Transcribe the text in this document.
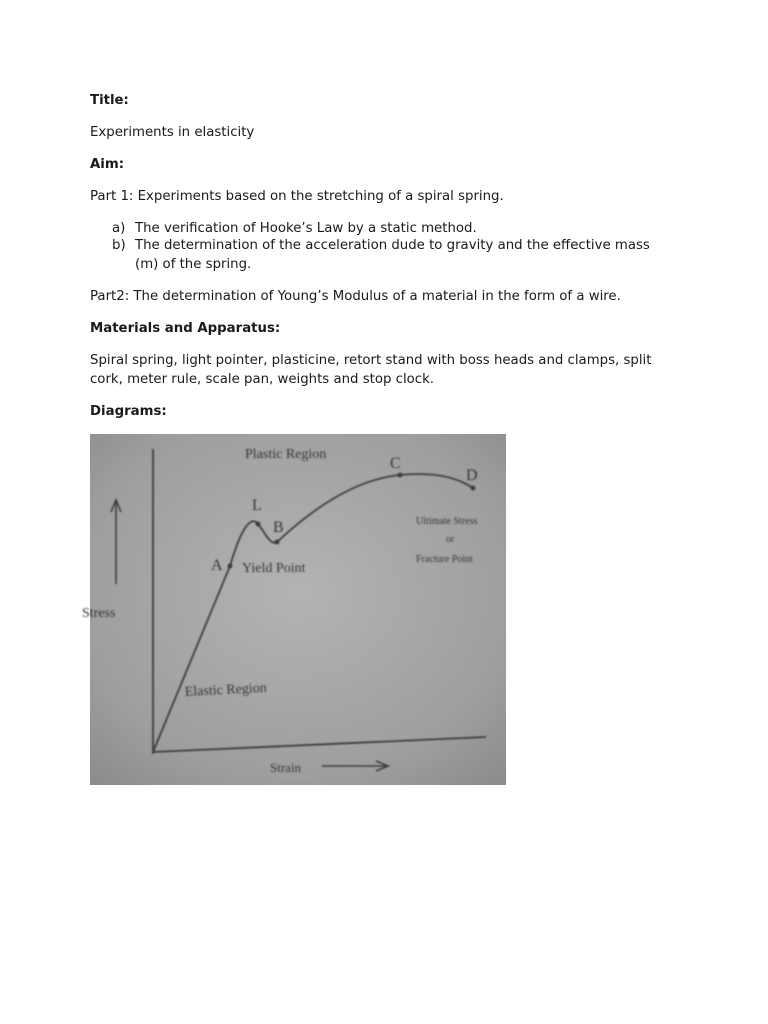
Title:
Experiments in elasticity
Aim:
Part 1: Experiments based on the stretching of a spiral spring.
a) The verification of Hooke’s Law by a static method.
b) The determination of the acceleration dude to gravity and the effective mass
(m) of the spring.
Part2: The determination of Young’s Modulus of a material in the form of a wire.
Materials and Apparatus:
Spiral spring, light pointer, plasticine, retort stand with boss heads and clamps, split
cork, meter rule, scale pan, weights and stop clock.
Diagrams:
Plastic Region
L
B
C
D
A Yield Point
Ultimate Stress
or
Fracture Point
Stress
Elastic Region
Strain
